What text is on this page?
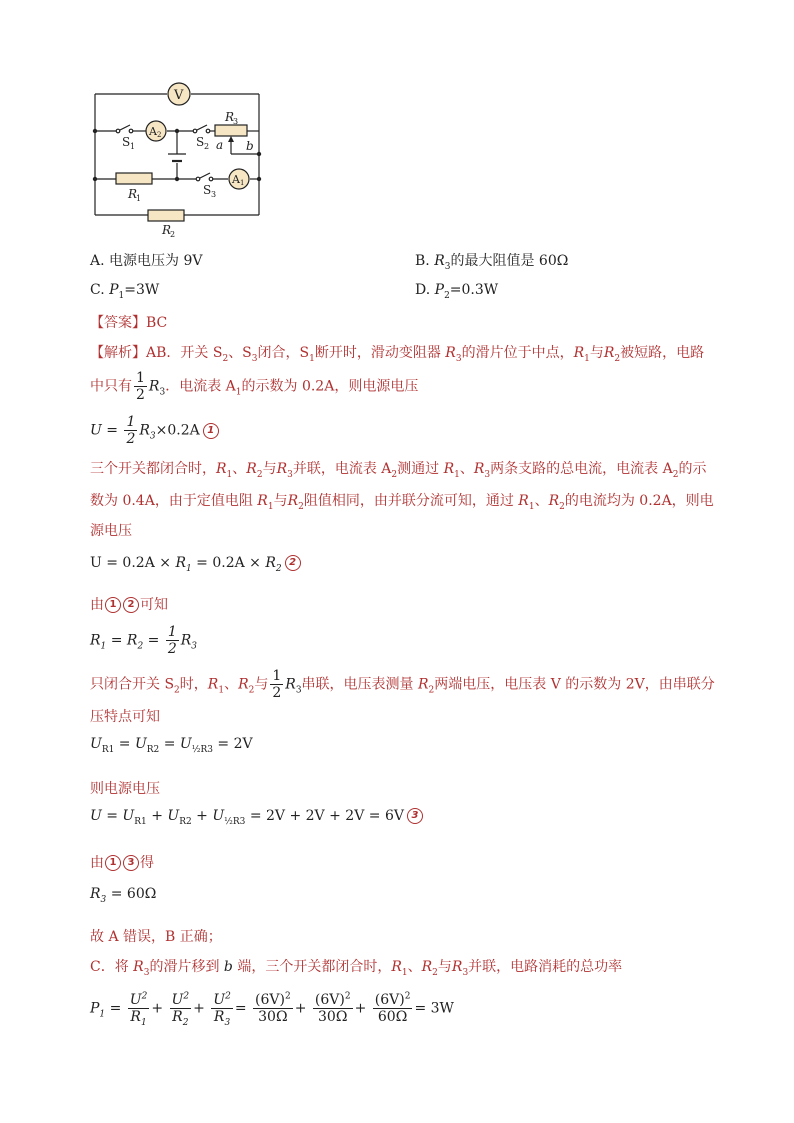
V
A 2
A 1
S 1	S 2
S 3
R
1
R
2
R
3
a b
A. 电源电压为 9V	B. $R_3$的最大阻值是 60Ω
C. $P_1=3W$	D. $P_2=0.3W$
【答案】BC
【解析】AB．开关 $S_2$、$S_3$闭合，$S_1$断开时，滑动变阻器 $R_3$的滑片位于中点，$R_1$与$R_2$被短路，电路
中只有 $\frac{1}{2} R_3$．电流表 $A_1$的示数为 0.2A，则电源电压
$U = \frac{1}{2} R_3\times 0.2A$ 1
三个开关都闭合时，$R_1$、$R_2$与$R_3$并联，电流表 $A_2$测通过 $R_1$、$R_3$两条支路的总电流，电流表 $A_2$的示
数为 0.4A，由于定值电阻 $R_1$与$R_2$阻值相同，由并联分流可知，通过 $R_1$、$R_2$的电流均为 0.2A，则电
源电压
$U = 0.2A \times R_1 = 0.2A \times R_22$
由 1 2 可知
$R_1 = R_2 = \frac{1}{2} R_3$
只闭合开关 $S_2$时，$R_1$、$R_2$与 $\frac{1}{2} R_3$串联，电压表测量 $R_2$两端电压，电压表 V 的示数为 2V，由串联分
压特点可知
$U_{R1} = U_{R2} = U_{\frac{1}{2}R3} = 2V$
则电源电压
$U = U_{R1} + U_{R2} + U_{\frac{1}{2}R3} = 2V + 2V + 2V = 6V$ 3
由 1 3 得
$R_3 = 60\Omega$
故 A 错误，B 正确；
C．将 $R_3$的滑片移到 b 端，三个开关都闭合时，$R_1$、$R_2$与$R_3$并联，电路消耗的总功率
$P_1 = \frac{U^2}{R_1} + \frac{U^2}{R_2} + \frac{U^2}{R_3} = \frac{(6V)^2}{30\Omega} + \frac{(6V)^2}{30\Omega} + \frac{(6V)^2}{60\Omega} = 3W$
